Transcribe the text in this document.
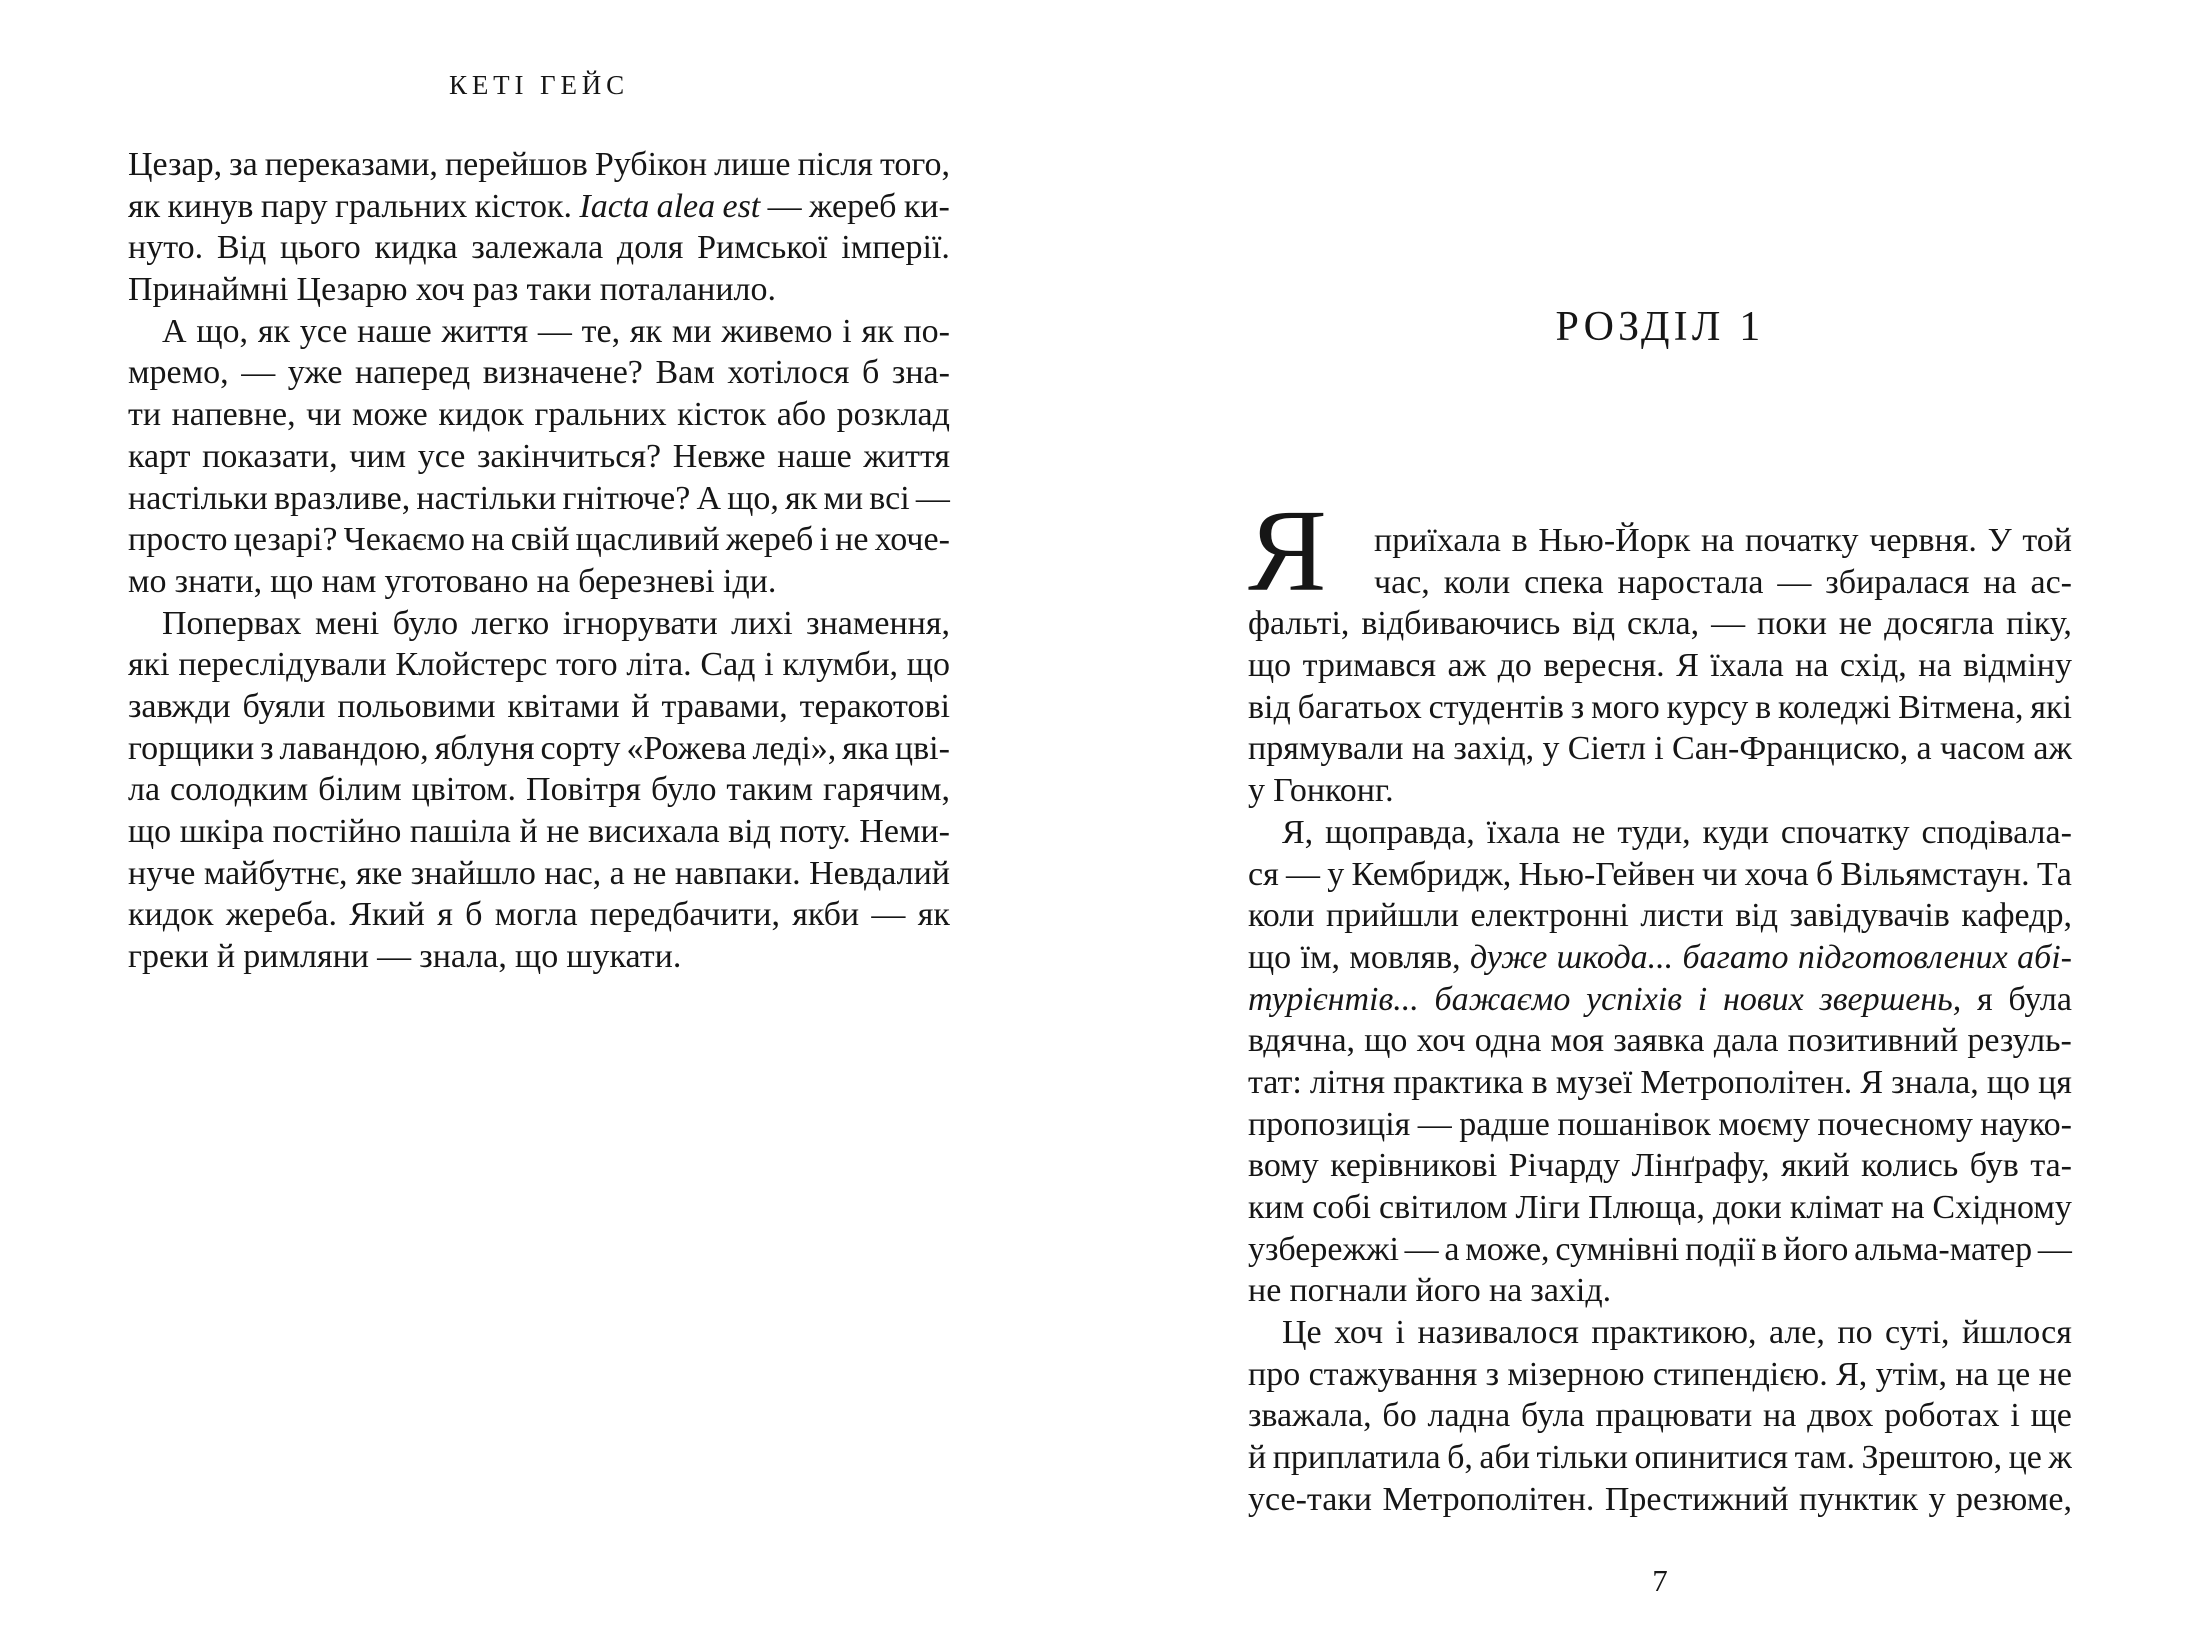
КЕТІ ГЕЙС
Цезар, за переказами, перейшов Рубікон лише після того,
як кинув пару гральних кісток. Iacta alea est — жереб ки-
нуто. Від цього кидка залежала доля Римської імперії.
Принаймні Цезарю хоч раз таки поталанило.
А що, як усе наше життя — те, як ми живемо і як по-
мремо, — уже наперед визначене? Вам хотілося б зна-
ти напевне, чи може кидок гральних кісток або розклад
карт показати, чим усе закінчиться? Невже наше життя
настільки вразливе, настільки гнітюче? А що, як ми всі —
просто цезарі? Чекаємо на свій щасливий жереб і не хоче-
мо знати, що нам уготовано на березневі іди.
Попервах мені було легко ігнорувати лихі знамення,
які переслідували Клойстерс того літа. Сад і клумби, що
завжди буяли польовими квітами й травами, теракотові
горщики з лавандою, яблуня сорту «Рожева леді», яка цві-
ла солодким білим цвітом. Повітря було таким гарячим,
що шкіра постійно пашіла й не висихала від поту. Неми-
нуче майбутнє, яке знайшло нас, а не навпаки. Невдалий
кидок жереба. Який я б могла передбачити, якби — як
греки й римляни — знала, що шукати.
РОЗДІЛ 1
Я приїхала в Нью-Йорк на початку червня. У той
час, коли спека наростала — збиралася на ас-
фальті, відбиваючись від скла, — поки не досягла піку,
що тримався аж до вересня. Я їхала на схід, на відміну
від багатьох студентів з мого курсу в коледжі Вітмена, які
прямували на захід, у Сіетл і Сан-Франциско, а часом аж
у Гонконг.
Я, щоправда, їхала не туди, куди спочатку сподівала-
ся — у Кембридж, Нью-Гейвен чи хоча б Вільямстаун. Та
коли прийшли електронні листи від завідувачів кафедр,
що їм, мовляв, дуже шкода... багато підготовлених абі-
турієнтів... бажаємо успіхів і нових звершень, я була
вдячна, що хоч одна моя заявка дала позитивний резуль-
тат: літня практика в музеї Метрополітен. Я знала, що ця
пропозиція — радше пошанівок моєму почесному науко-
вому керівникові Річарду Лінґрафу, який колись був та-
ким собі світилом Ліги Плюща, доки клімат на Східному
узбережжі — а може, сумнівні події в його альма-матер —
не погнали його на захід.
Це хоч і називалося практикою, але, по суті, йшлося
про стажування з мізерною стипендією. Я, утім, на це не
зважала, бо ладна була працювати на двох роботах і ще
й приплатила б, аби тільки опинитися там. Зрештою, це ж
усе-таки Метрополітен. Престижний пунктик у резюме,
7
